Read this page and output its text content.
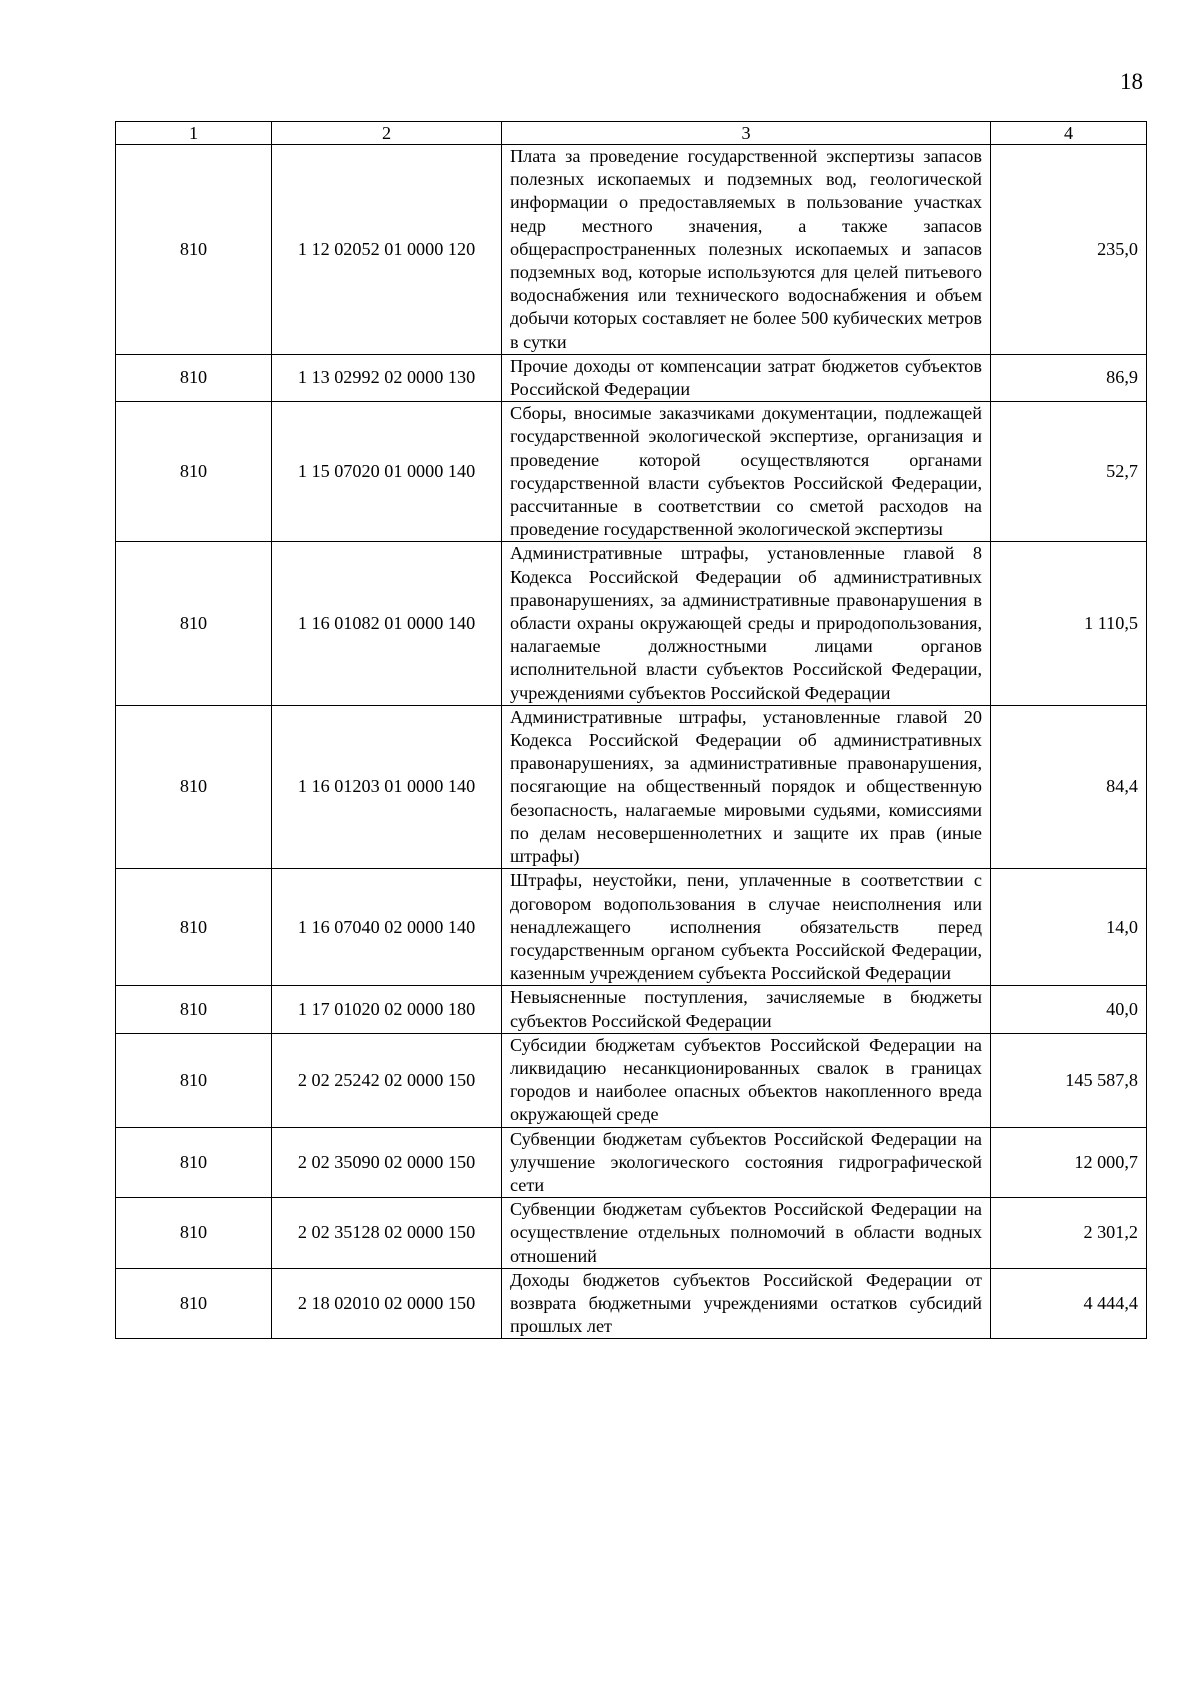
18
1	2	3	4
810	1 12 02052 01 0000 120	Плата за проведение государственной экспертизы запасов полезных ископаемых и подземных вод, геологической информации о предоставляемых в пользование участках недр местного значения, а также запасов общераспространенных полезных ископаемых и запасов подземных вод, которые используются для целей питьевого водоснабжения или технического водоснабжения и объем добычи которых составляет не более 500 кубических метров в сутки	235,0
810	1 13 02992 02 0000 130	Прочие доходы от компенсации затрат бюджетов субъектов Российской Федерации	86,9
810	1 15 07020 01 0000 140	Сборы, вносимые заказчиками документации, подлежащей государственной экологической экспертизе, организация и проведение которой осуществляются органами государственной власти субъектов Российской Федерации, рассчитанные в соответствии со сметой расходов на проведение государственной экологической экспертизы	52,7
810	1 16 01082 01 0000 140	Административные штрафы, установленные главой 8 Кодекса Российской Федерации об административных правонарушениях, за административные правонарушения в области охраны окружающей среды и природопользования, налагаемые должностными лицами органов исполнительной власти субъектов Российской Федерации, учреждениями субъектов Российской Федерации	1 110,5
810	1 16 01203 01 0000 140	Административные штрафы, установленные главой 20 Кодекса Российской Федерации об административных правонарушениях, за административные правонарушения, посягающие на общественный порядок и общественную безопасность, налагаемые мировыми судьями, комиссиями по делам несовершеннолетних и защите их прав (иные штрафы)	84,4
810	1 16 07040 02 0000 140	Штрафы, неустойки, пени, уплаченные в соответствии с договором водопользования в случае неисполнения или ненадлежащего исполнения обязательств перед государственным органом субъекта Российской Федерации, казенным учреждением субъекта Российской Федерации	14,0
810	1 17 01020 02 0000 180	Невыясненные поступления, зачисляемые в бюджеты субъектов Российской Федерации	40,0
810	2 02 25242 02 0000 150	Субсидии бюджетам субъектов Российской Федерации на ликвидацию несанкционированных свалок в границах городов и наиболее опасных объектов накопленного вреда окружающей среде	145 587,8
810	2 02 35090 02 0000 150	Субвенции бюджетам субъектов Российской Федерации на улучшение экологического состояния гидрографической сети	12 000,7
810	2 02 35128 02 0000 150	Субвенции бюджетам субъектов Российской Федерации на осуществление отдельных полномочий в области водных отношений	2 301,2
810	2 18 02010 02 0000 150	Доходы бюджетов субъектов Российской Федерации от возврата бюджетными учреждениями остатков субсидий прошлых лет	4 444,4
